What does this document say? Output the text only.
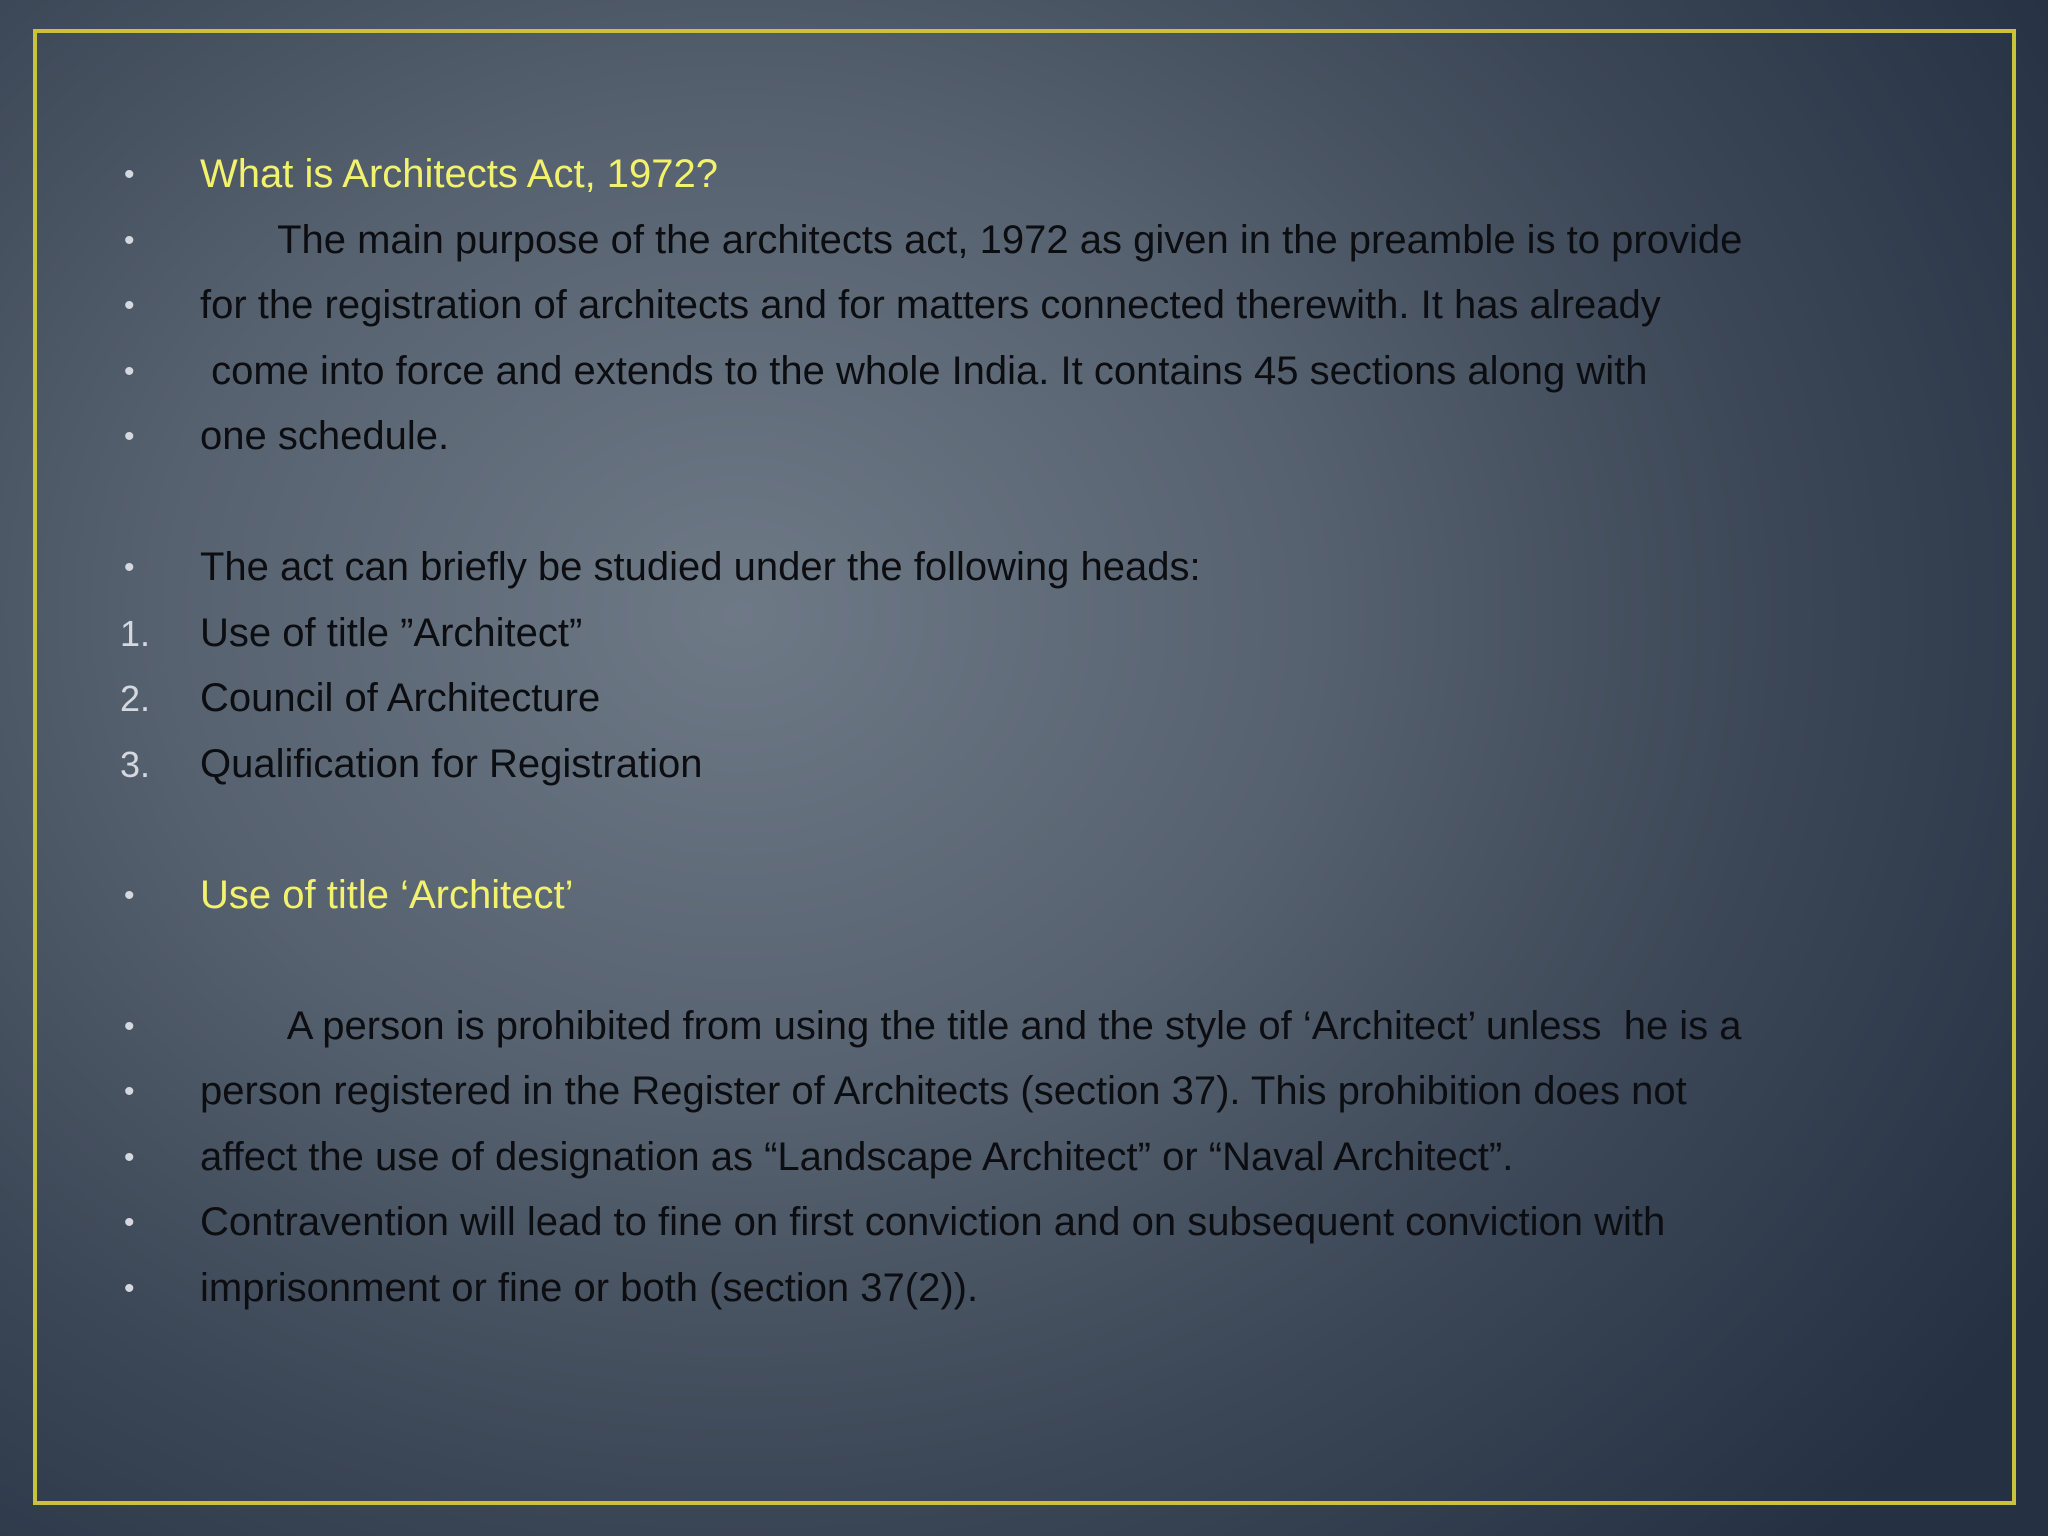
•

	What is Architects Act, 1972?

•

	The main purpose of the architects act, 1972 as given in the preamble is to provide

•

	for the registration of architects and for matters connected therewith. It has already

•

	come into force and extends to the whole India. It contains 45 sections along with

•

	one schedule.

•

	The act can briefly be studied under the following heads:

1.

	Use of title ”Architect”

2.

	Council of Architecture

3.

	Qualification for Registration

•

	Use of title ‘Architect’

•

	A person is prohibited from using the title and the style of ‘Architect’ unless  he is a

•

	person registered in the Register of Architects (section 37). This prohibition does not

•

	affect the use of designation as “Landscape Architect” or “Naval Architect”.

•

	Contravention will lead to fine on first conviction and on subsequent conviction with

•

	imprisonment or fine or both (section 37(2)).
